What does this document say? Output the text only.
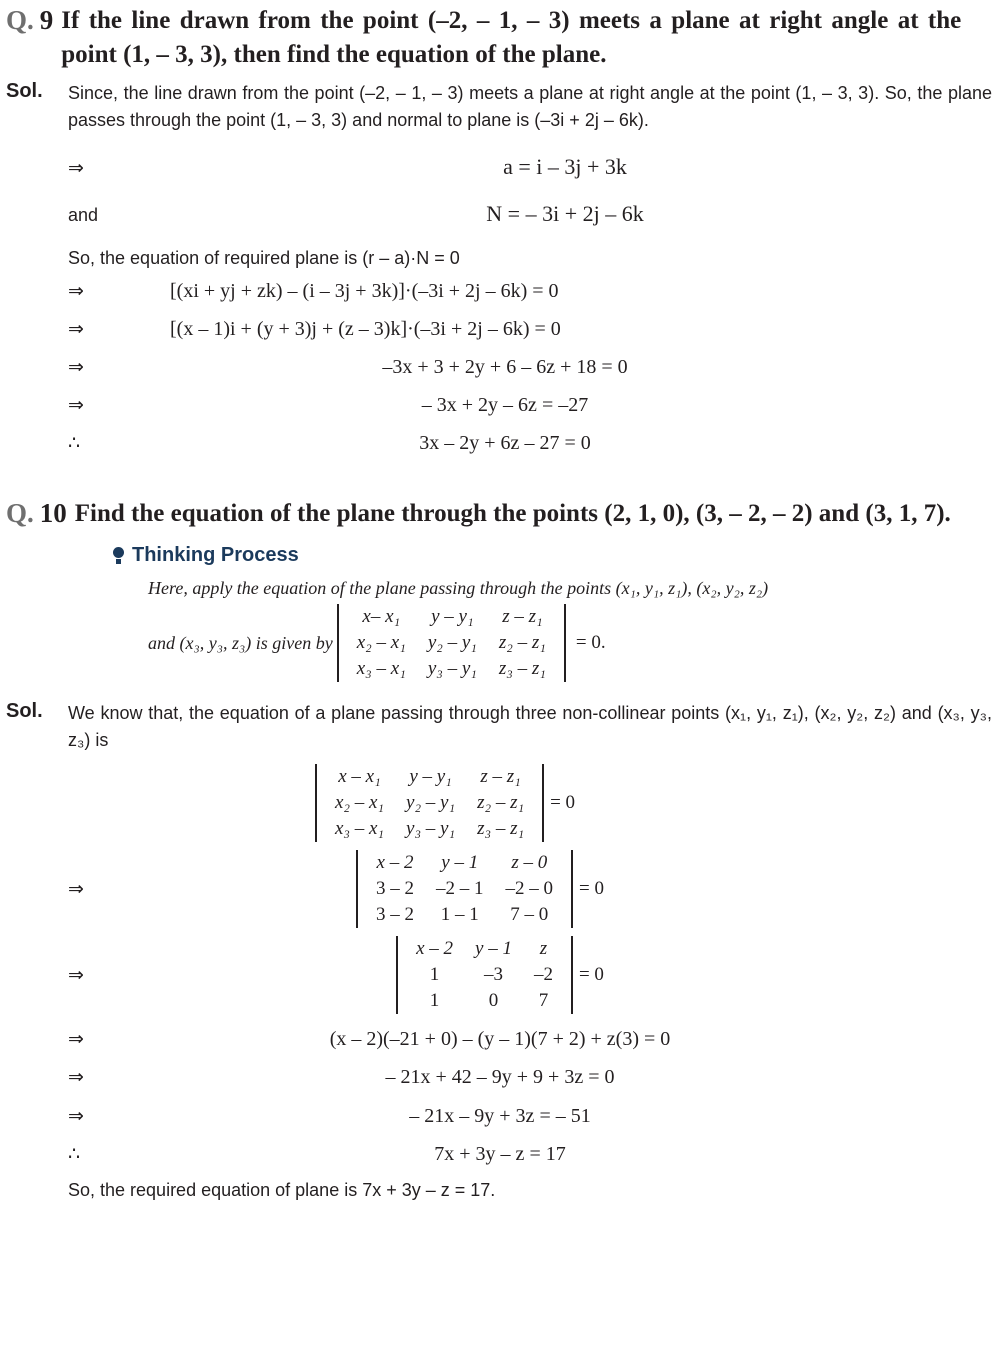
Q. 9 If the line drawn from the point (–2, – 1, – 3) meets a plane at right angle at the point (1, – 3, 3), then find the equation of the plane.
Sol.	Since, the line drawn from the point (–2, – 1, – 3) meets a plane at right angle at the point (1, – 3, 3). So, the plane passes through the point (1, – 3, 3) and normal to plane is (–3i + 2j – 6k).
⇒	a = i – 3j + 3k
and	N = – 3i + 2j – 6k
So, the equation of required plane is (r – a)·N = 0
⇒	[(xi + yj + zk) – (i – 3j + 3k)]·(–3i + 2j – 6k) = 0
⇒	[(x – 1)i + (y + 3)j + (z – 3)k]·(–3i + 2j – 6k) = 0
⇒	–3x + 3 + 2y + 6 – 6z + 18 = 0
⇒	– 3x + 2y – 6z = –27
∴	3x – 2y + 6z – 27 = 0
Q. 10 Find the equation of the plane through the points (2, 1, 0), (3, – 2, – 2) and (3, 1, 7).
Thinking Process
Here, apply the equation of the plane passing through the points (x₁, y₁, z₁), (x₂, y₂, z₂)
and (x₃, y₃, z₃) is given by
x– x₁	y – y₁	z – z₁
x₂ – x₁	y₂ – y₁	z₂ – z₁
x₃ – x₁	y₃ – y₁	z₃ – z₁
= 0.
Sol.	We know that, the equation of a plane passing through three non-collinear points (x₁, y₁, z₁), (x₂, y₂, z₂) and (x₃, y₃, z₃) is
x – x₁	y – y₁	z – z₁
x₂ – x₁	y₂ – y₁	z₂ – z₁
x₃ – x₁	y₃ – y₁	z₃ – z₁
= 0
⇒
x – 2	y – 1	z – 0
3 – 2	–2 – 1	–2 – 0
3 – 2	1 – 1	7 – 0
= 0
⇒
x – 2	y – 1	z
1	–3	–2
1	0	7
= 0
⇒	(x – 2)(–21 + 0) – (y – 1)(7 + 2) + z(3) = 0
⇒	– 21x + 42 – 9y + 9 + 3z = 0
⇒	– 21x – 9y + 3z = – 51
∴	7x + 3y – z = 17
So, the required equation of plane is 7x + 3y – z = 17.
